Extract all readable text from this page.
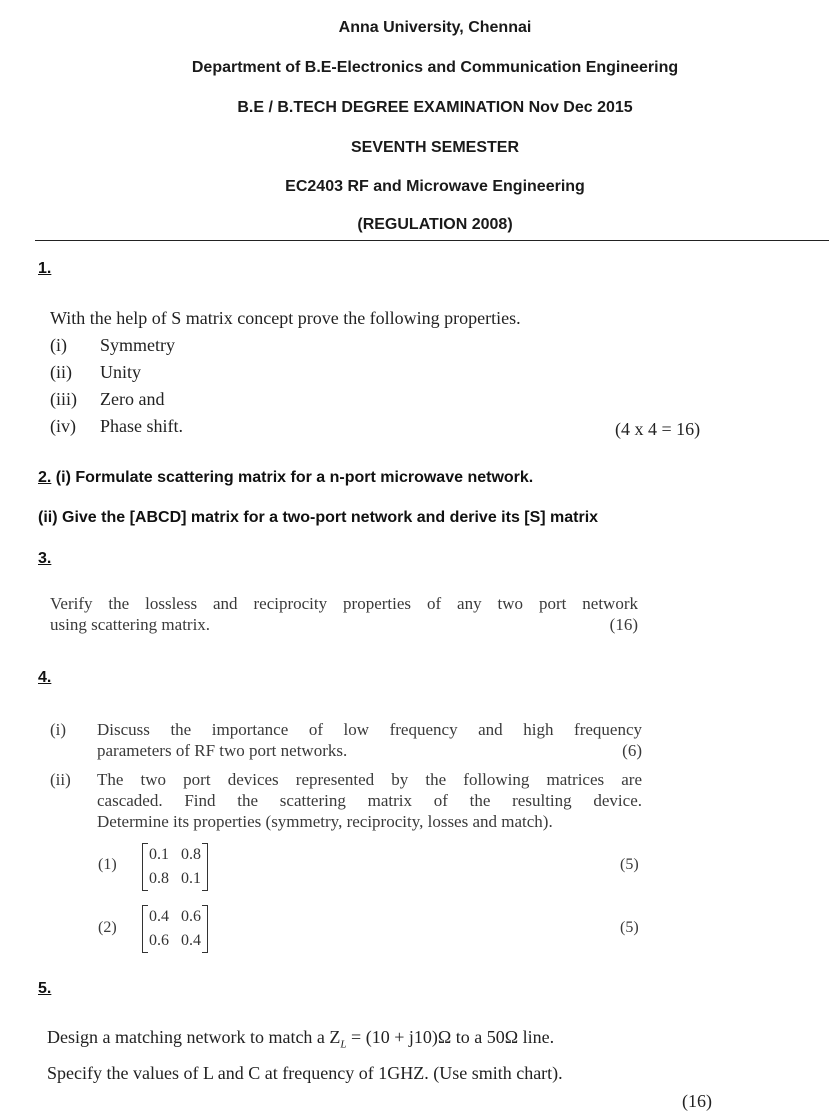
Anna University, Chennai
Department of B.E-Electronics and Communication Engineering
B.E / B.TECH DEGREE EXAMINATION Nov Dec 2015
SEVENTH SEMESTER
EC2403 RF and Microwave Engineering
(REGULATION 2008)
1.
With the help of S matrix concept prove the following properties.
(i) Symmetry
(ii) Unity
(iii) Zero and
(iv) Phase shift.	(4 x 4 = 16)
2. (i) Formulate scattering matrix for a n-port microwave network.
(ii) Give the [ABCD] matrix for a two-port network and derive its [S] matrix
3.
Verify the lossless and reciprocity properties of any two port network
using scattering matrix.	(16)
4.
(i) Discuss the importance of low frequency and high frequency
parameters of RF two port networks.	(6)
(ii) The two port devices represented by the following matrices are
cascaded. Find the scattering matrix of the resulting device.
Determine its properties (symmetry, reciprocity, losses and match).
(1)
0.1 0.8
0.8 0.1
(5)
(2)
0.4 0.6
0.6 0.4
(5)
5.
Design a matching network to match a $Z_L = (10 + j10)\Omega$ to a 50Ω line.
Specify the values of L and C at frequency of 1GHZ. (Use smith chart).
(16)
